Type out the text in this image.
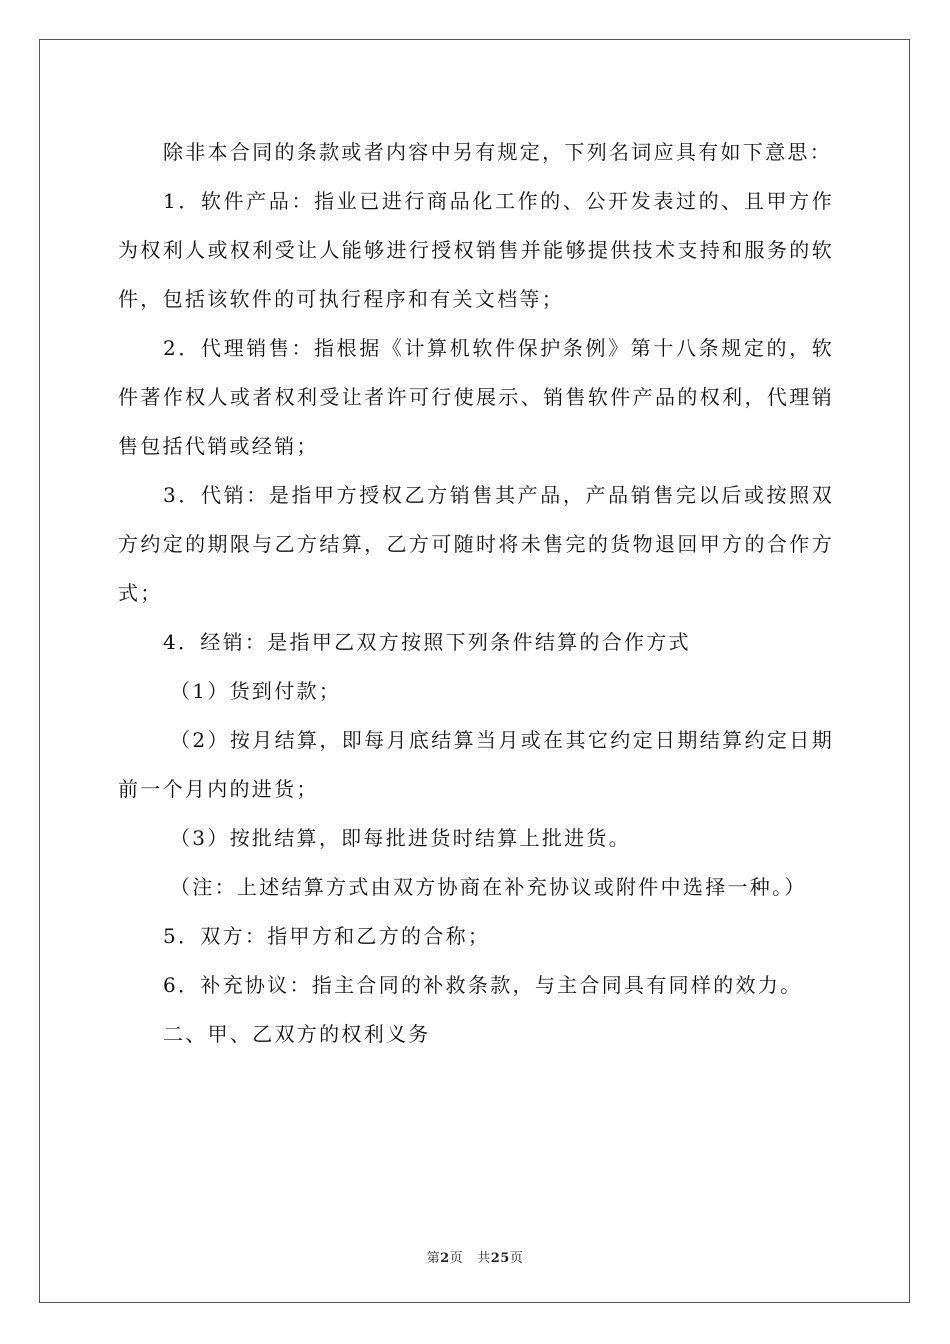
除非本合同的条款或者内容中另有规定，下列名词应具有如下意思：

1．软件产品：指业已进行商品化工作的、公开发表过的、且甲方作为权利人或权利受让人能够进行授权销售并能够提供技术支持和服务的软件，包括该软件的可执行程序和有关文档等；

2．代理销售：指根据《计算机软件保护条例》第十八条规定的，软件著作权人或者权利受让者许可行使展示、销售软件产品的权利，代理销售包括代销或经销；

3．代销：是指甲方授权乙方销售其产品，产品销售完以后或按照双方约定的期限与乙方结算，乙方可随时将未售完的货物退回甲方的合作方式；

4．经销：是指甲乙双方按照下列条件结算的合作方式

（1）货到付款；

（2）按月结算，即每月底结算当月或在其它约定日期结算约定日期前一个月内的进货；

（3）按批结算，即每批进货时结算上批进货。

（注：上述结算方式由双方协商在补充协议或附件中选择一种。）

5．双方：指甲方和乙方的合称；

6．补充协议：指主合同的补救条款，与主合同具有同样的效力。

二、甲、乙双方的权利义务

第2页 共25页
